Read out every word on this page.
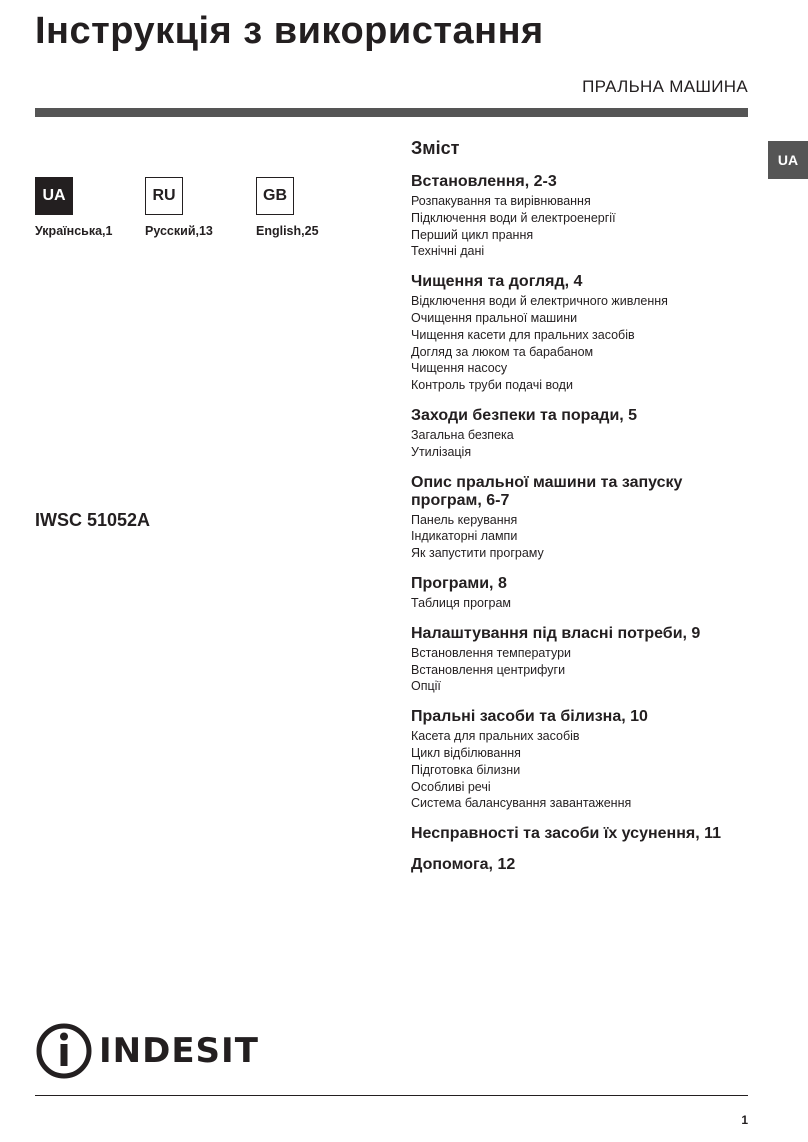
Інструкція з використання
ПРАЛЬНА МАШИНА
UA
UA
Українська,1
RU
Русский,13
GB
English,25
IWSC 51052A
Зміст
Встановлення, 2-3
Розпакування та вирівнювання
Підключення води й електроенергії
Перший цикл прання
Технічні дані
Чищення та догляд, 4
Відключення води й електричного живлення
Очищення пральної машини
Чищення касети для пральних засобів
Догляд за люком та барабаном
Чищення насосу
Контроль труби подачі води
Заходи безпеки та поради, 5
Загальна безпека
Утилізація
Опис пральної машини та запуску програм, 6-7
Панель керування
Індикаторні лампи
Як запустити програму
Програми, 8
Таблиця програм
Налаштування під власні потреби, 9
Встановлення температури
Встановлення центрифуги
Опції
Пральні засоби та білизна, 10
Касета для пральних засобів
Цикл відбілювання
Підготовка білизни
Особливі речі
Система балансування завантаження
Несправності та засоби їх усунення, 11
Допомога, 12
INDESIT
1
